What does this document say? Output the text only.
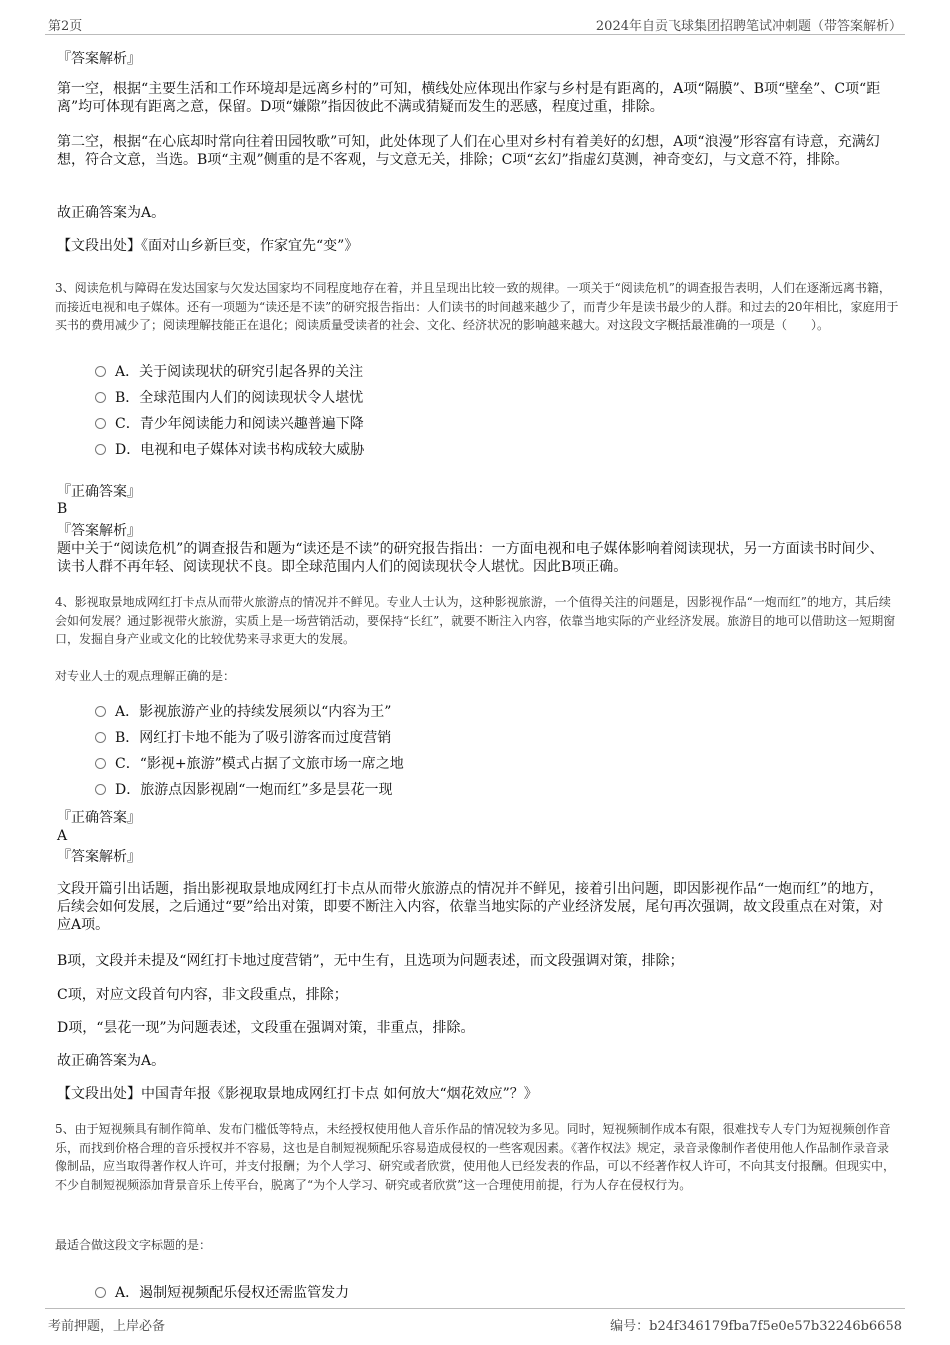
第2页	2024年自贡飞球集团招聘笔试冲刺题（带答案解析）
『答案解析』
第一空，根据“主要生活和工作环境却是远离乡村的”可知，横线处应体现出作家与乡村是有距离的，A项“隔膜”、B项“壁垒”、C项“距离”均可体现有距离之意，保留。D项“嫌隙”指因彼此不满或猜疑而发生的恶感，程度过重，排除。
第二空，根据“在心底却时常向往着田园牧歌”可知，此处体现了人们在心里对乡村有着美好的幻想，A项“浪漫”形容富有诗意，充满幻想，符合文意，当选。B项“主观”侧重的是不客观，与文意无关，排除；C项“玄幻”指虚幻莫测，神奇变幻，与文意不符，排除。
故正确答案为A。
【文段出处】《面对山乡新巨变，作家宜先“变”》
3、阅读危机与障碍在发达国家与欠发达国家均不同程度地存在着，并且呈现出比较一致的规律。一项关于“阅读危机”的调查报告表明，人们在逐渐远离书籍，而接近电视和电子媒体。还有一项题为“读还是不读”的研究报告指出：人们读书的时间越来越少了，而青少年是读书最少的人群。和过去的20年相比，家庭用于买书的费用减少了；阅读理解技能正在退化；阅读质量受读者的社会、文化、经济状况的影响越来越大。对这段文字概括最准确的一项是（　　）。
A．关于阅读现状的研究引起各界的关注
B．全球范围内人们的阅读现状令人堪忧
C．青少年阅读能力和阅读兴趣普遍下降
D．电视和电子媒体对读书构成较大威胁
『正确答案』
B
『答案解析』
题中关于“阅读危机”的调查报告和题为“读还是不读”的研究报告指出：一方面电视和电子媒体影响着阅读现状，另一方面读书时间少、读书人群不再年轻、阅读现状不良。即全球范围内人们的阅读现状令人堪忧。因此B项正确。
4、影视取景地成网红打卡点从而带火旅游点的情况并不鲜见。专业人士认为，这种影视旅游，一个值得关注的问题是，因影视作品“一炮而红”的地方，其后续会如何发展？通过影视带火旅游，实质上是一场营销活动，要保持“长红”，就要不断注入内容，依靠当地实际的产业经济发展。旅游目的地可以借助这一短期窗口，发掘自身产业或文化的比较优势来寻求更大的发展。
对专业人士的观点理解正确的是：
A．影视旅游产业的持续发展须以“内容为王”
B．网红打卡地不能为了吸引游客而过度营销
C．“影视+旅游”模式占据了文旅市场一席之地
D．旅游点因影视剧“一炮而红”多是昙花一现
『正确答案』
A
『答案解析』
文段开篇引出话题，指出影视取景地成网红打卡点从而带火旅游点的情况并不鲜见，接着引出问题，即因影视作品“一炮而红”的地方，后续会如何发展，之后通过“要”给出对策，即要不断注入内容，依靠当地实际的产业经济发展，尾句再次强调，故文段重点在对策，对应A项。
B项，文段并未提及“网红打卡地过度营销”，无中生有，且选项为问题表述，而文段强调对策，排除；
C项，对应文段首句内容，非文段重点，排除；
D项，“昙花一现”为问题表述，文段重在强调对策，非重点，排除。
故正确答案为A。
【文段出处】中国青年报《影视取景地成网红打卡点 如何放大“烟花效应”？》
5、由于短视频具有制作简单、发布门槛低等特点，未经授权使用他人音乐作品的情况较为多见。同时，短视频制作成本有限，很难找专人专门为短视频创作音乐，而找到价格合理的音乐授权并不容易，这也是自制短视频配乐容易造成侵权的一些客观因素。《著作权法》规定，录音录像制作者使用他人作品制作录音录像制品，应当取得著作权人许可，并支付报酬；为个人学习、研究或者欣赏，使用他人已经发表的作品，可以不经著作权人许可，不向其支付报酬。但现实中，不少自制短视频添加背景音乐上传平台，脱离了“为个人学习、研究或者欣赏”这一合理使用前提，行为人存在侵权行为。
最适合做这段文字标题的是：
A．遏制短视频配乐侵权还需监管发力
考前押题，上岸必备	编号：b24f346179fba7f5e0e57b32246b6658
